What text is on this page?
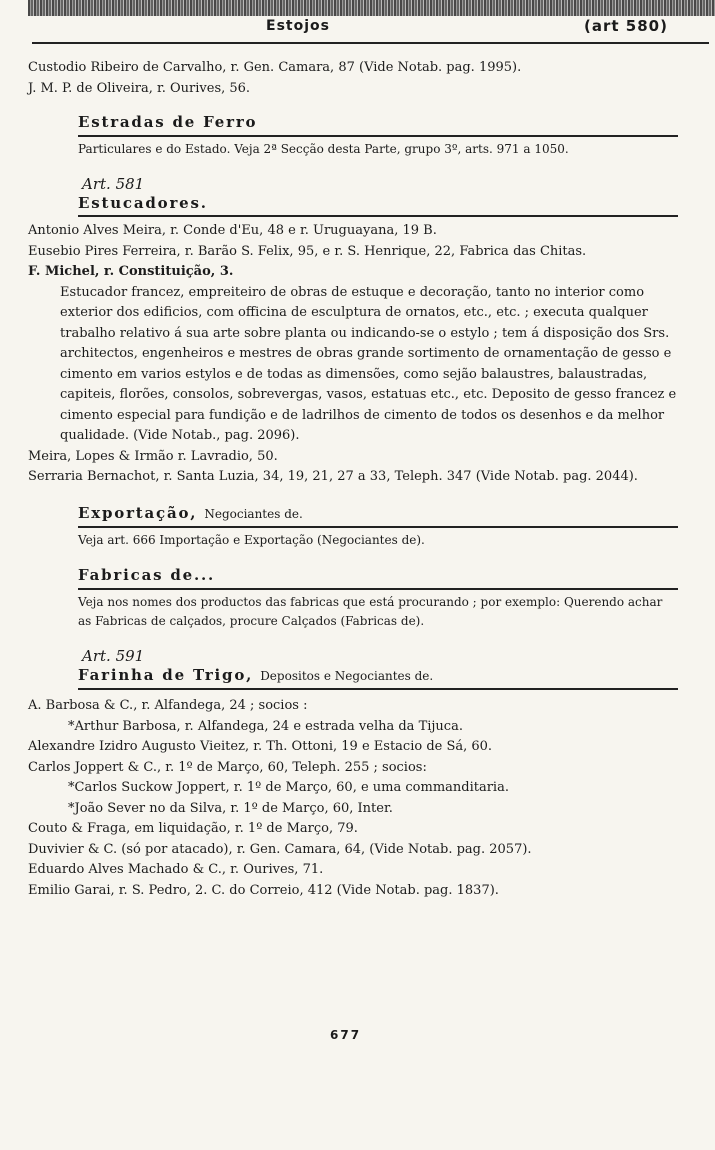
Estojos	(art 580)

Custodio Ribeiro de Carvalho, r. Gen. Camara, 87 (Vide Notab. pag. 1995).

J. M. P. de Oliveira, r. Ourives, 56.

Estradas de Ferro

Particulares e do Estado. Veja 2ª Secção desta Parte, grupo 3º, arts. 971 a 1050.

Art. 581

Estucadores.

Antonio Alves Meira, r. Conde d'Eu, 48 e r. Uruguayana, 19 B.

Eusebio Pires Ferreira, r. Barão S. Felix, 95, e r. S. Henrique, 22, Fabrica das Chitas.

F. Michel, r. Constituição, 3.

Estucador francez, empreiteiro de obras de estuque e decoração, tanto no interior como exterior dos edificios, com officina de esculptura de ornatos, etc., etc. ; executa qualquer trabalho relativo á sua arte sobre planta ou indicando-se o estylo ; tem á disposição dos Srs. architectos, engenheiros e mestres de obras grande sortimento de ornamentação de gesso e cimento em varios estylos e de todas as dimensões, como sejão balaustres, balaustradas, capiteis, florões, consolos, sobrevergas, vasos, estatuas etc., etc. Deposito de gesso francez e cimento especial para fundição e de ladrilhos de cimento de todos os desenhos e da melhor qualidade. (Vide Notab., pag. 2096).

Meira, Lopes & Irmão r. Lavradio, 50.

Serraria Bernachot, r. Santa Luzia, 34, 19, 21, 27 a 33, Teleph. 347 (Vide Notab. pag. 2044).

Exportação, Negociantes de.

Veja art. 666 Importação e Exportação (Negociantes de).

Fabricas de...

Veja nos nomes dos productos das fabricas que está procurando ; por exemplo: Querendo achar as Fabricas de calçados, procure Calçados (Fabricas de).

Art. 591

Farinha de Trigo, Depositos e Negociantes de.

A. Barbosa & C., r. Alfandega, 24 ; socios :

*Arthur Barbosa, r. Alfandega, 24 e estrada velha da Tijuca.

Alexandre Izidro Augusto Vieitez, r. Th. Ottoni, 19 e Estacio de Sá, 60.

Carlos Joppert & C., r. 1º de Março, 60, Teleph. 255 ; socios:

*Carlos Suckow Joppert, r. 1º de Março, 60, e uma commanditaria.

*João Sever no da Silva, r. 1º de Março, 60, Inter.

Couto & Fraga, em liquidação, r. 1º de Março, 79.

Duvivier & C. (só por atacado), r. Gen. Camara, 64, (Vide Notab. pag. 2057).

Eduardo Alves Machado & C., r. Ourives, 71.

Emilio Garai, r. S. Pedro, 2. C. do Correio, 412 (Vide Notab. pag. 1837).

677
